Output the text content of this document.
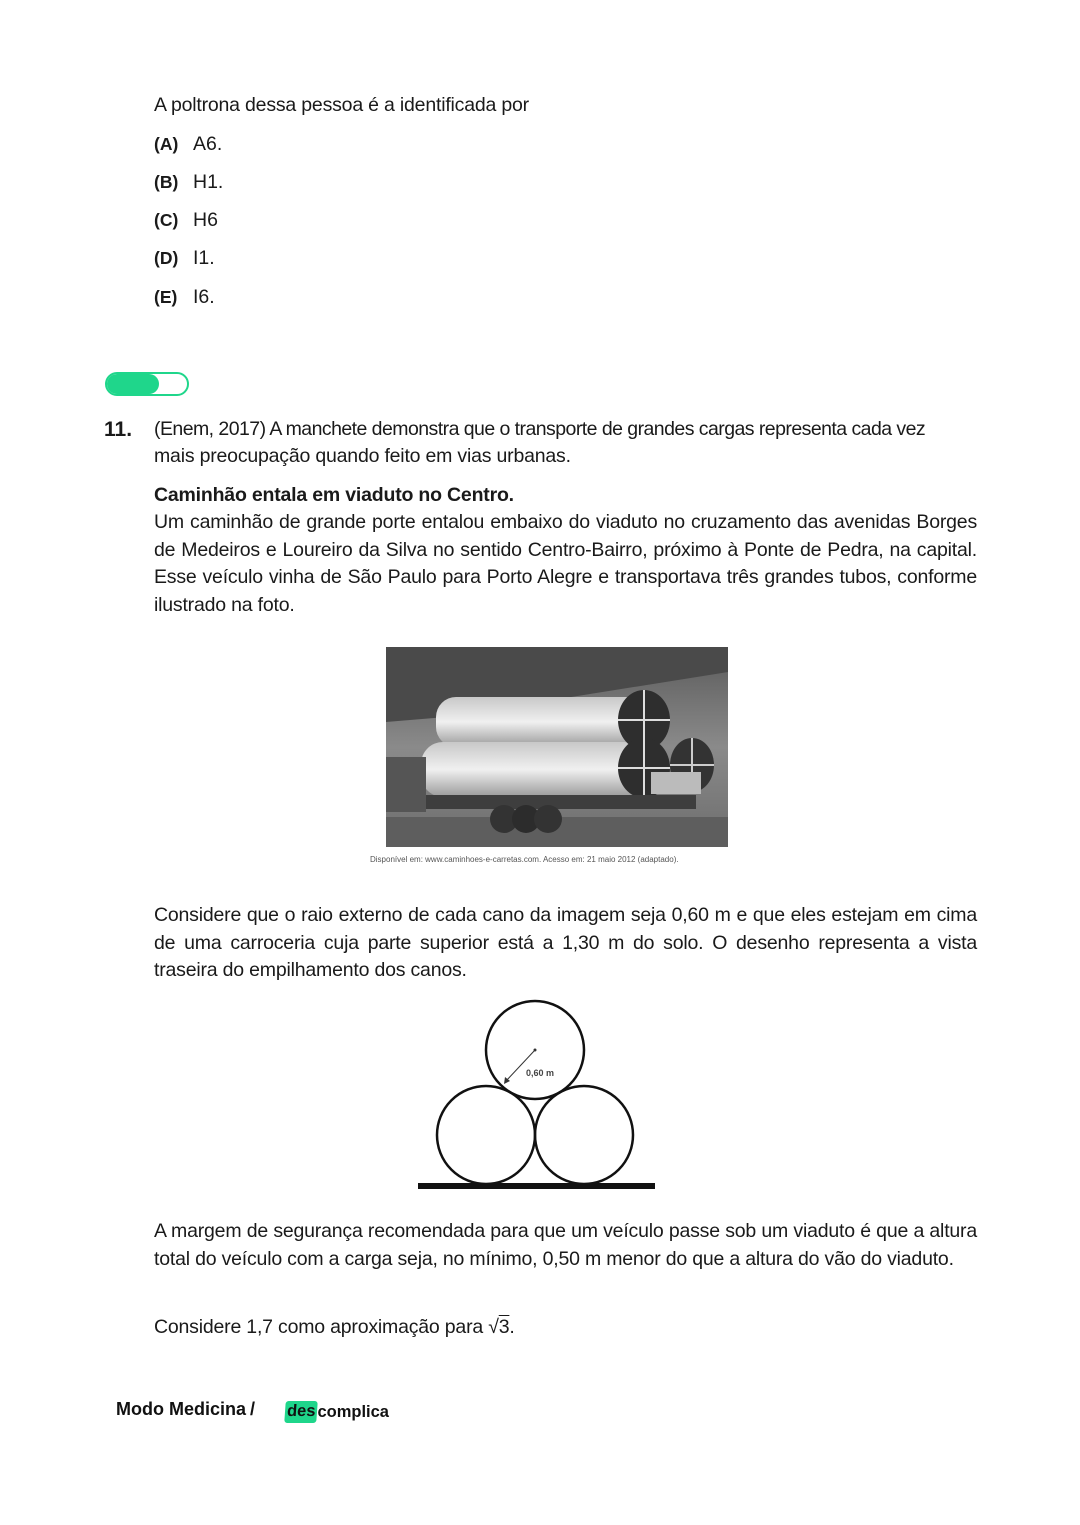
A poltrona dessa pessoa é a identificada por
(A) A6.
(B) H1.
(C) H6
(D) I1.
(E) I6.
11. (Enem, 2017) A manchete demonstra que o transporte de grandes cargas representa cada vez
mais preocupação quando feito em vias urbanas.
Caminhão entala em viaduto no Centro.
Um caminhão de grande porte entalou embaixo do viaduto no cruzamento das avenidas Borges de Medeiros e Loureiro da Silva no sentido Centro-Bairro, próximo à Ponte de Pedra, na capital. Esse veículo vinha de São Paulo para Porto Alegre e transportava três grandes tubos, conforme ilustrado na foto.
Disponível em: www.caminhoes-e-carretas.com. Acesso em: 21 maio 2012 (adaptado).
Considere que o raio externo de cada cano da imagem seja 0,60 m e que eles estejam em cima de uma carroceria cuja parte superior está a 1,30 m do solo. O desenho representa a vista traseira do empilhamento dos canos.
0,60 m
A margem de segurança recomendada para que um veículo passe sob um viaduto é que a altura total do veículo com a carga seja, no mínimo, 0,50 m menor do que a altura do vão do viaduto.
Considere 1,7 como aproximação para √3.
Modo Medicina / des complica
